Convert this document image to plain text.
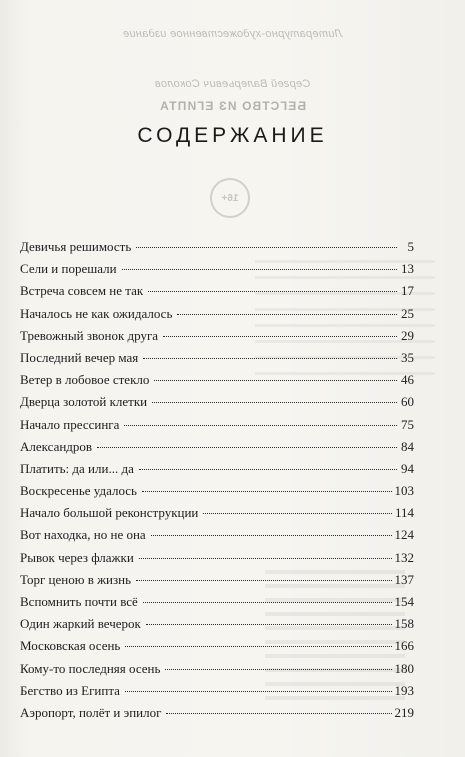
Литературно-художественное издание
Сергей Валерьевич Соколов
БЕГСТВО ИЗ ЕГИПТА
16+
СОДЕРЖАНИЕ
Девичья решимость	5
Сели и порешали	13
Встреча совсем не так	17
Началось не как ожидалось	25
Тревожный звонок друга	29
Последний вечер мая	35
Ветер в лобовое стекло	46
Дверца золотой клетки	60
Начало прессинга	75
Александров	84
Платить: да или... да	94
Воскресенье удалось	103
Начало большой реконструкции	114
Вот находка, но не она	124
Рывок через флажки	132
Торг ценою в жизнь	137
Вспомнить почти всё	154
Один жаркий вечерок	158
Московская осень	166
Кому-то последняя осень	180
Бегство из Египта	193
Аэропорт, полёт и эпилог	219
